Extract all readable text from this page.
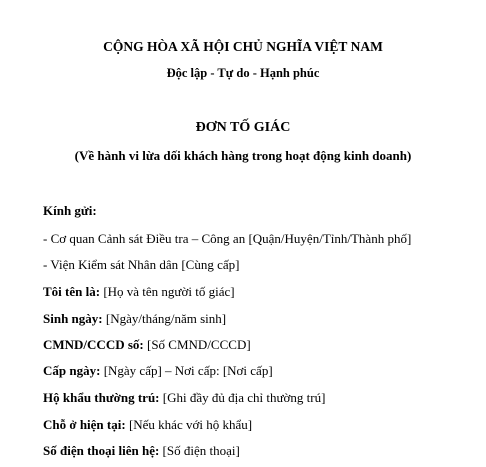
CỘNG HÒA XÃ HỘI CHỦ NGHĨA VIỆT NAM
Độc lập - Tự do - Hạnh phúc
ĐƠN TỐ GIÁC
(Về hành vi lừa dối khách hàng trong hoạt động kinh doanh)
Kính gửi:
- Cơ quan Cảnh sát Điều tra – Công an [Quận/Huyện/Tỉnh/Thành phố]
- Viện Kiểm sát Nhân dân [Cùng cấp]
Tôi tên là: [Họ và tên người tố giác]
Sinh ngày: [Ngày/tháng/năm sinh]
CMND/CCCD số: [Số CMND/CCCD]
Cấp ngày: [Ngày cấp] – Nơi cấp: [Nơi cấp]
Hộ khẩu thường trú: [Ghi đầy đủ địa chỉ thường trú]
Chỗ ở hiện tại: [Nếu khác với hộ khẩu]
Số điện thoại liên hệ: [Số điện thoại]
